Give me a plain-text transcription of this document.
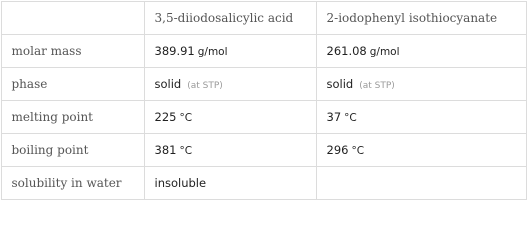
	3,5-diiodosalicylic acid	2-iodophenyl isothiocyanate
molar mass	389.91 g/mol	261.08 g/mol
phase	solid (at STP)	solid (at STP)
melting point	225 °C	37 °C
boiling point	381 °C	296 °C
solubility in water	insoluble	
